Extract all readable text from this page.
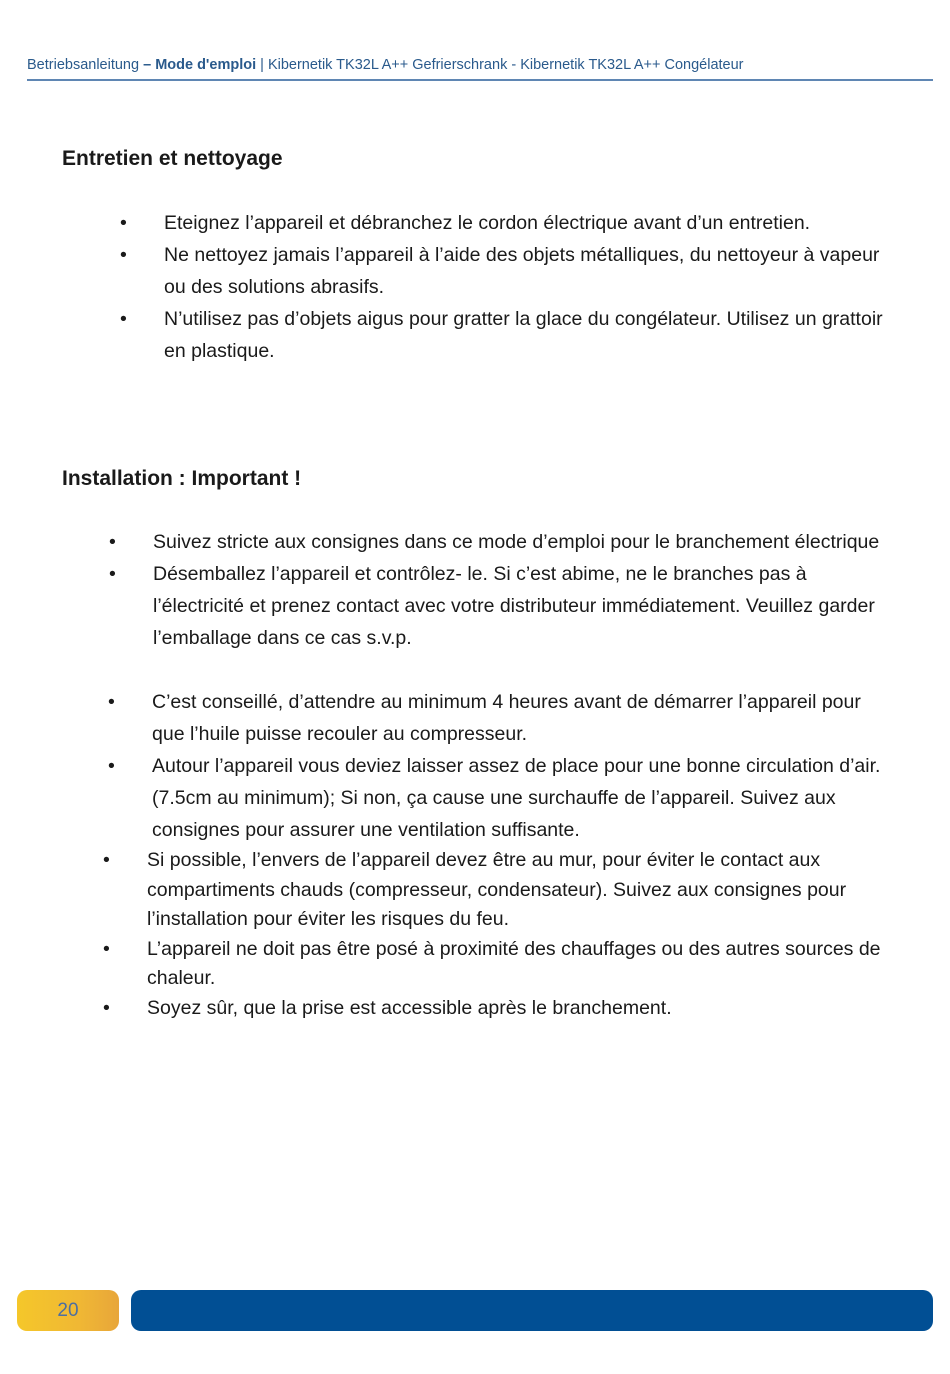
Betriebsanleitung – Mode d'emploi | Kibernetik TK32L A++ Gefrierschrank - Kibernetik TK32L A++ Congélateur
Entretien et nettoyage
• Eteignez l’appareil et débranchez le cordon électrique avant d’un entretien.
• Ne nettoyez jamais l’appareil à l’aide des objets métalliques, du nettoyeur à vapeur ou des solutions abrasifs.
• N’utilisez pas d’objets aigus pour gratter la glace du congélateur. Utilisez un grattoir en plastique.
Installation : Important !
• Suivez stricte aux consignes dans ce mode d’emploi pour le branchement électrique
• Désemballez l’appareil et contrôlez- le. Si c’est abime, ne le branches pas à l’électricité et prenez contact avec votre distributeur immédiatement. Veuillez garder l’emballage dans ce cas s.v.p.
• C’est conseillé, d’attendre au minimum 4 heures avant de démarrer l’appareil pour que l’huile puisse recouler au compresseur.
• Autour l’appareil vous deviez laisser assez de place pour une bonne circulation d’air. (7.5cm au minimum); Si non, ça cause une surchauffe de l’appareil. Suivez aux consignes pour assurer une ventilation suffisante.
• Si possible, l’envers de l’appareil devez être au mur, pour éviter le contact aux compartiments chauds (compresseur, condensateur). Suivez aux consignes pour l’installation pour éviter les risques du feu.
• L’appareil ne doit pas être posé à proximité des chauffages ou des autres sources de chaleur.
• Soyez sûr, que la prise est accessible après le branchement.
20
